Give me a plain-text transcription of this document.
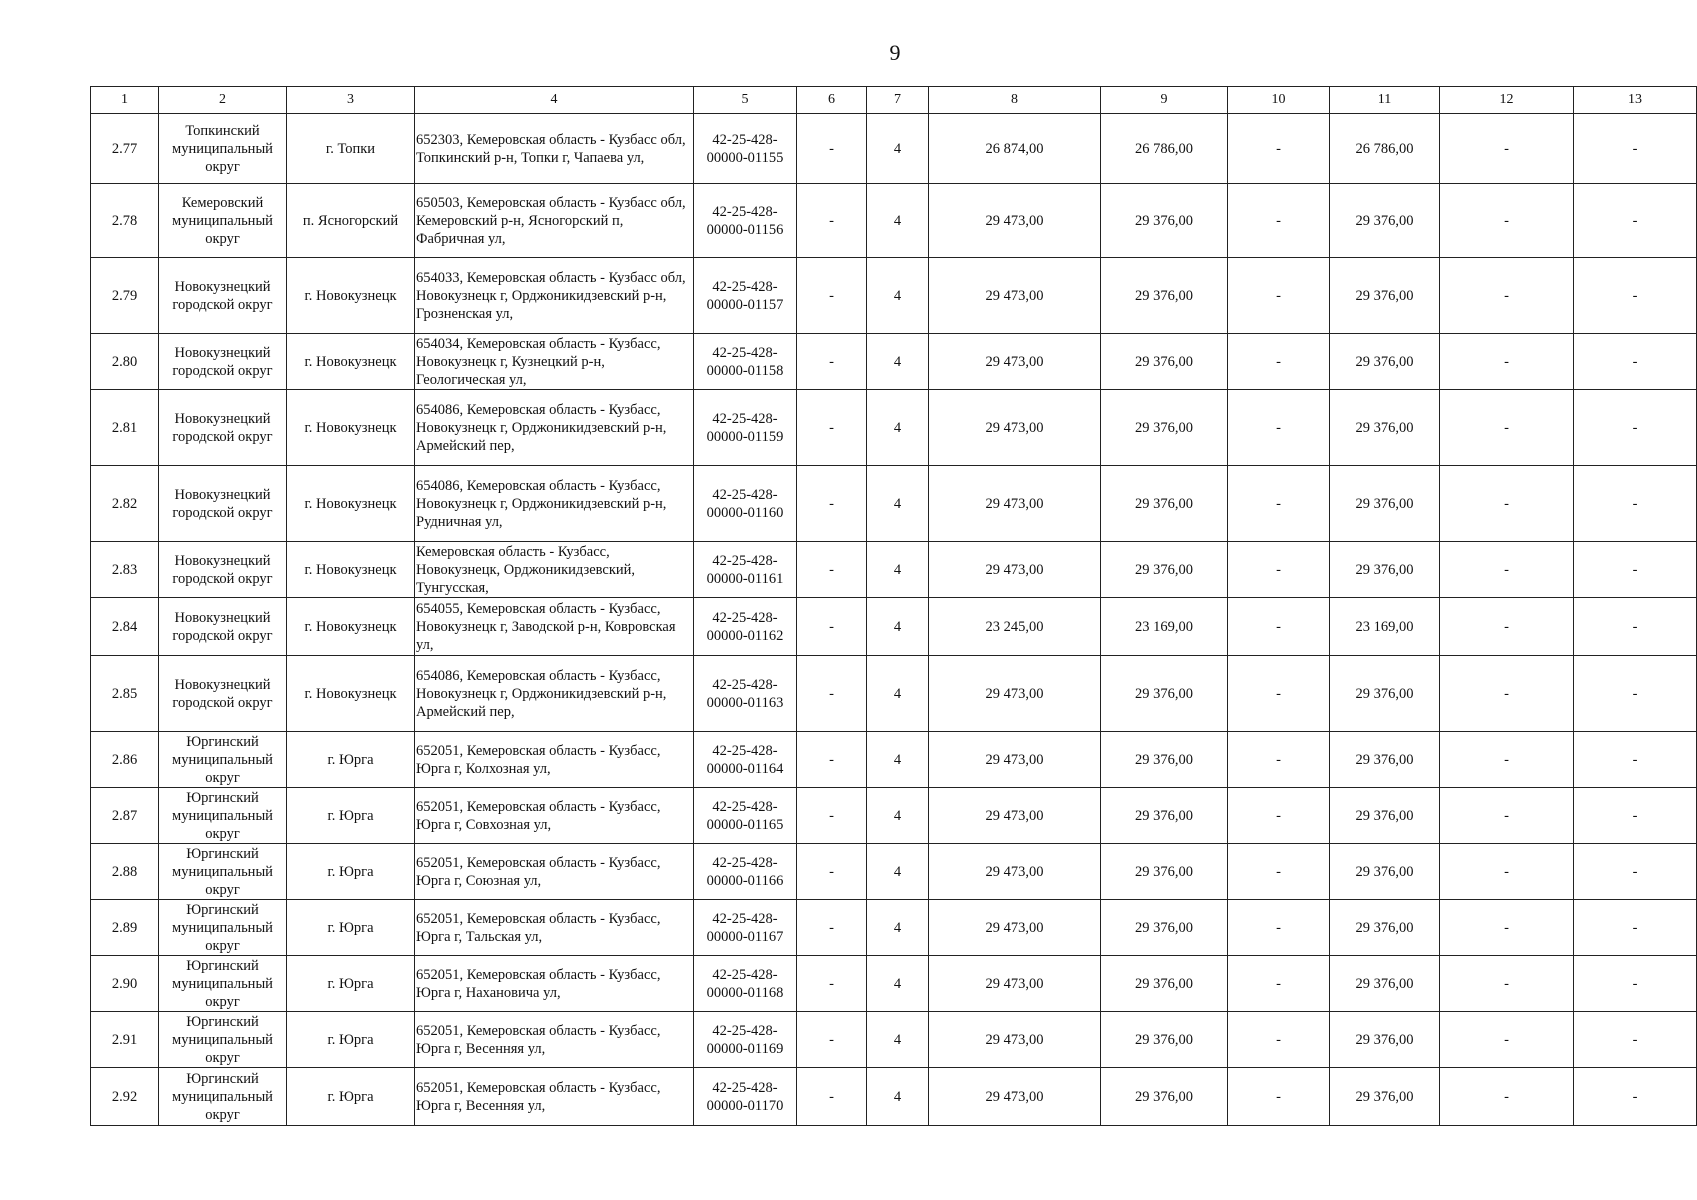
9
1	2	3	4	5	6	7	8	9	10	11	12	13
2.77	Топкинский муниципальный округ	г. Топки	652303, Кемеровская область - Кузбасс обл, Топкинский р-н, Топки г, Чапаева ул,	42-25-428-00000-01155	-	4	26 874,00	26 786,00	-	26 786,00	-	-
2.78	Кемеровский муниципальный округ	п. Ясногорский	650503, Кемеровская область - Кузбасс обл, Кемеровский р-н, Ясногорский п, Фабричная ул,	42-25-428-00000-01156	-	4	29 473,00	29 376,00	-	29 376,00	-	-
2.79	Новокузнецкий городской округ	г. Новокузнецк	654033, Кемеровская область - Кузбасс обл, Новокузнецк г, Орджоникидзевский р-н, Грозненская ул,	42-25-428-00000-01157	-	4	29 473,00	29 376,00	-	29 376,00	-	-
2.80	Новокузнецкий городской округ	г. Новокузнецк	654034, Кемеровская область - Кузбасс, Новокузнецк г, Кузнецкий р-н, Геологическая ул,	42-25-428-00000-01158	-	4	29 473,00	29 376,00	-	29 376,00	-	-
2.81	Новокузнецкий городской округ	г. Новокузнецк	654086, Кемеровская область - Кузбасс, Новокузнецк г, Орджоникидзевский р-н, Армейский пер,	42-25-428-00000-01159	-	4	29 473,00	29 376,00	-	29 376,00	-	-
2.82	Новокузнецкий городской округ	г. Новокузнецк	654086, Кемеровская область - Кузбасс, Новокузнецк г, Орджоникидзевский р-н, Рудничная ул,	42-25-428-00000-01160	-	4	29 473,00	29 376,00	-	29 376,00	-	-
2.83	Новокузнецкий городской округ	г. Новокузнецк	Кемеровская область - Кузбасс, Новокузнецк, Орджоникидзевский, Тунгусская,	42-25-428-00000-01161	-	4	29 473,00	29 376,00	-	29 376,00	-	-
2.84	Новокузнецкий городской округ	г. Новокузнецк	654055, Кемеровская область - Кузбасс, Новокузнецк г, Заводской р-н, Ковровская ул,	42-25-428-00000-01162	-	4	23 245,00	23 169,00	-	23 169,00	-	-
2.85	Новокузнецкий городской округ	г. Новокузнецк	654086, Кемеровская область - Кузбасс, Новокузнецк г, Орджоникидзевский р-н, Армейский пер,	42-25-428-00000-01163	-	4	29 473,00	29 376,00	-	29 376,00	-	-
2.86	Юргинский муниципальный округ	г. Юрга	652051, Кемеровская область - Кузбасс, Юрга г, Колхозная ул,	42-25-428-00000-01164	-	4	29 473,00	29 376,00	-	29 376,00	-	-
2.87	Юргинский муниципальный округ	г. Юрга	652051, Кемеровская область - Кузбасс, Юрга г, Совхозная ул,	42-25-428-00000-01165	-	4	29 473,00	29 376,00	-	29 376,00	-	-
2.88	Юргинский муниципальный округ	г. Юрга	652051, Кемеровская область - Кузбасс, Юрга г, Союзная ул,	42-25-428-00000-01166	-	4	29 473,00	29 376,00	-	29 376,00	-	-
2.89	Юргинский муниципальный округ	г. Юрга	652051, Кемеровская область - Кузбасс, Юрга г, Тальская ул,	42-25-428-00000-01167	-	4	29 473,00	29 376,00	-	29 376,00	-	-
2.90	Юргинский муниципальный округ	г. Юрга	652051, Кемеровская область - Кузбасс, Юрга г, Нахановича ул,	42-25-428-00000-01168	-	4	29 473,00	29 376,00	-	29 376,00	-	-
2.91	Юргинский муниципальный округ	г. Юрга	652051, Кемеровская область - Кузбасс, Юрга г, Весенняя ул,	42-25-428-00000-01169	-	4	29 473,00	29 376,00	-	29 376,00	-	-
2.92	Юргинский муниципальный округ	г. Юрга	652051, Кемеровская область - Кузбасс, Юрга г, Весенняя ул,	42-25-428-00000-01170	-	4	29 473,00	29 376,00	-	29 376,00	-	-
